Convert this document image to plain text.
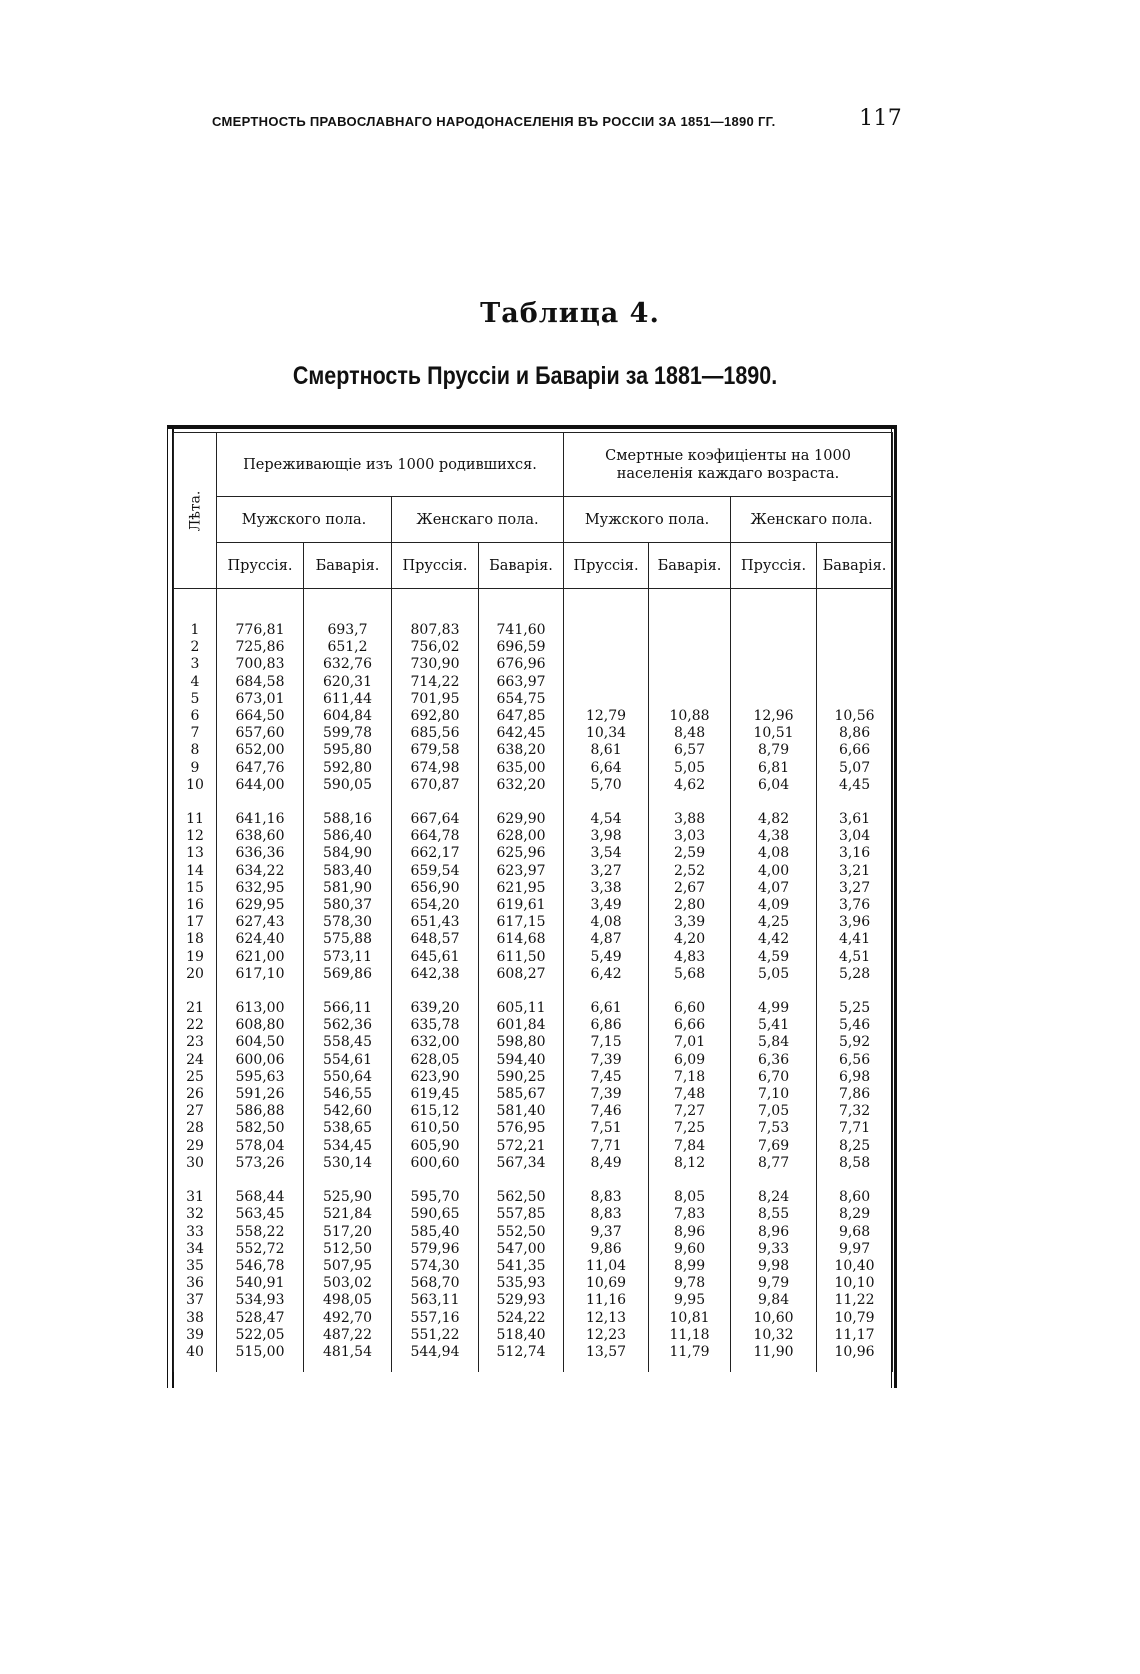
СМЕРТНОСТЬ ПРАВОСЛАВНАГО НАРОДОНАСЕЛЕНІЯ ВЪ РОССІИ ЗА 1851—1890 ГГ.	117
Таблица 4.
Смертность Пруссіи и Баваріи за 1881—1890.
Лѣта.	Переживающіе изъ 1000 родившихся.				Смертные коэфиціенты на 1000 населенія каждаго возраста.			
	Мужского пола.		Женскаго пола.		Мужского пола.		Женскаго пола.	
	Пруссія.	Баварія.	Пруссія.	Баварія.	Пруссія.	Баварія.	Пруссія.	Баварія.

1	776,81	693,7	807,83	741,60				
2	725,86	651,2	756,02	696,59				
3	700,83	632,76	730,90	676,96				
4	684,58	620,31	714,22	663,97				
5	673,01	611,44	701,95	654,75				
6	664,50	604,84	692,80	647,85	12,79	10,88	12,96	10,56
7	657,60	599,78	685,56	642,45	10,34	8,48	10,51	8,86
8	652,00	595,80	679,58	638,20	8,61	6,57	8,79	6,66
9	647,76	592,80	674,98	635,00	6,64	5,05	6,81	5,07
10	644,00	590,05	670,87	632,20	5,70	4,62	6,04	4,45

11	641,16	588,16	667,64	629,90	4,54	3,88	4,82	3,61
12	638,60	586,40	664,78	628,00	3,98	3,03	4,38	3,04
13	636,36	584,90	662,17	625,96	3,54	2,59	4,08	3,16
14	634,22	583,40	659,54	623,97	3,27	2,52	4,00	3,21
15	632,95	581,90	656,90	621,95	3,38	2,67	4,07	3,27
16	629,95	580,37	654,20	619,61	3,49	2,80	4,09	3,76
17	627,43	578,30	651,43	617,15	4,08	3,39	4,25	3,96
18	624,40	575,88	648,57	614,68	4,87	4,20	4,42	4,41
19	621,00	573,11	645,61	611,50	5,49	4,83	4,59	4,51
20	617,10	569,86	642,38	608,27	6,42	5,68	5,05	5,28

21	613,00	566,11	639,20	605,11	6,61	6,60	4,99	5,25
22	608,80	562,36	635,78	601,84	6,86	6,66	5,41	5,46
23	604,50	558,45	632,00	598,80	7,15	7,01	5,84	5,92
24	600,06	554,61	628,05	594,40	7,39	6,09	6,36	6,56
25	595,63	550,64	623,90	590,25	7,45	7,18	6,70	6,98
26	591,26	546,55	619,45	585,67	7,39	7,48	7,10	7,86
27	586,88	542,60	615,12	581,40	7,46	7,27	7,05	7,32
28	582,50	538,65	610,50	576,95	7,51	7,25	7,53	7,71
29	578,04	534,45	605,90	572,21	7,71	7,84	7,69	8,25
30	573,26	530,14	600,60	567,34	8,49	8,12	8,77	8,58

31	568,44	525,90	595,70	562,50	8,83	8,05	8,24	8,60
32	563,45	521,84	590,65	557,85	8,83	7,83	8,55	8,29
33	558,22	517,20	585,40	552,50	9,37	8,96	8,96	9,68
34	552,72	512,50	579,96	547,00	9,86	9,60	9,33	9,97
35	546,78	507,95	574,30	541,35	11,04	8,99	9,98	10,40
36	540,91	503,02	568,70	535,93	10,69	9,78	9,79	10,10
37	534,93	498,05	563,11	529,93	11,16	9,95	9,84	11,22
38	528,47	492,70	557,16	524,22	12,13	10,81	10,60	10,79
39	522,05	487,22	551,22	518,40	12,23	11,18	10,32	11,17
40	515,00	481,54	544,94	512,74	13,57	11,79	11,90	10,96
